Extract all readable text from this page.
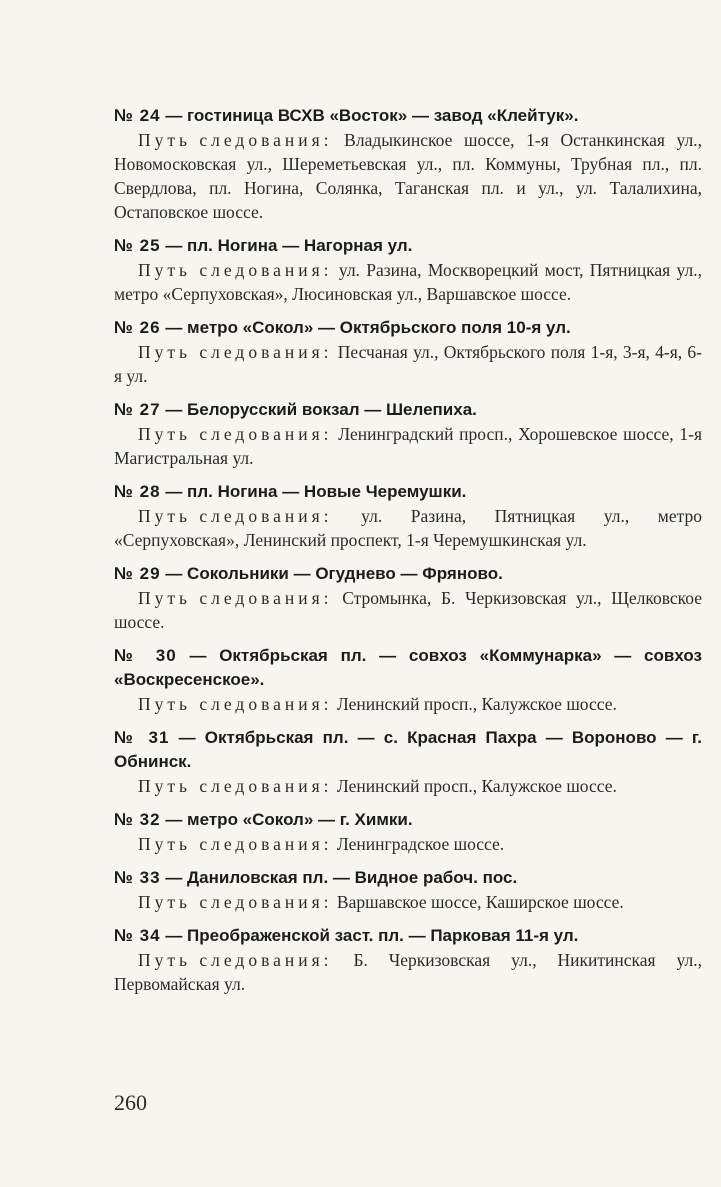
№ 24 — гостиница ВСХВ «Восток» — завод «Клейтук».
Путь следования: Владыкинское шоссе, 1-я Останкинская ул., Новомосковская ул., Шереметьевская ул., пл. Коммуны, Трубная пл., пл. Свердлова, пл. Ногина, Солянка, Таганская пл. и ул., ул. Талалихина, Остаповское шоссе.
№ 25 — пл. Ногина — Нагорная ул.
Путь следования: ул. Разина, Москворецкий мост, Пятницкая ул., метро «Серпуховская», Люсиновская ул., Варшавское шоссе.
№ 26 — метро «Сокол» — Октябрьского поля 10-я ул.
Путь следования: Песчаная ул., Октябрьского поля 1-я, 3-я, 4-я, 6-я ул.
№ 27 — Белорусский вокзал — Шелепиха.
Путь следования: Ленинградский просп., Хорошевское шоссе, 1-я Магистральная ул.
№ 28 — пл. Ногина — Новые Черемушки.
Путь следования: ул. Разина, Пятницкая ул., метро «Серпуховская», Ленинский проспект, 1-я Черемушкинская ул.
№ 29 — Сокольники — Огуднево — Фряново.
Путь следования: Стромынка, Б. Черкизовская ул., Щелковское шоссе.
№ 30 — Октябрьская пл. — совхоз «Коммунарка» — совхоз «Воскресенское».
Путь следования: Ленинский просп., Калужское шоссе.
№ 31 — Октябрьская пл. — с. Красная Пахра — Вороново — г. Обнинск.
Путь следования: Ленинский просп., Калужское шоссе.
№ 32 — метро «Сокол» — г. Химки.
Путь следования: Ленинградское шоссе.
№ 33 — Даниловская пл. — Видное рабоч. пос.
Путь следования: Варшавское шоссе, Каширское шоссе.
№ 34 — Преображенской заст. пл. — Парковая 11-я ул.
Путь следования: Б. Черкизовская ул., Никитинская ул., Первомайская ул.
260
